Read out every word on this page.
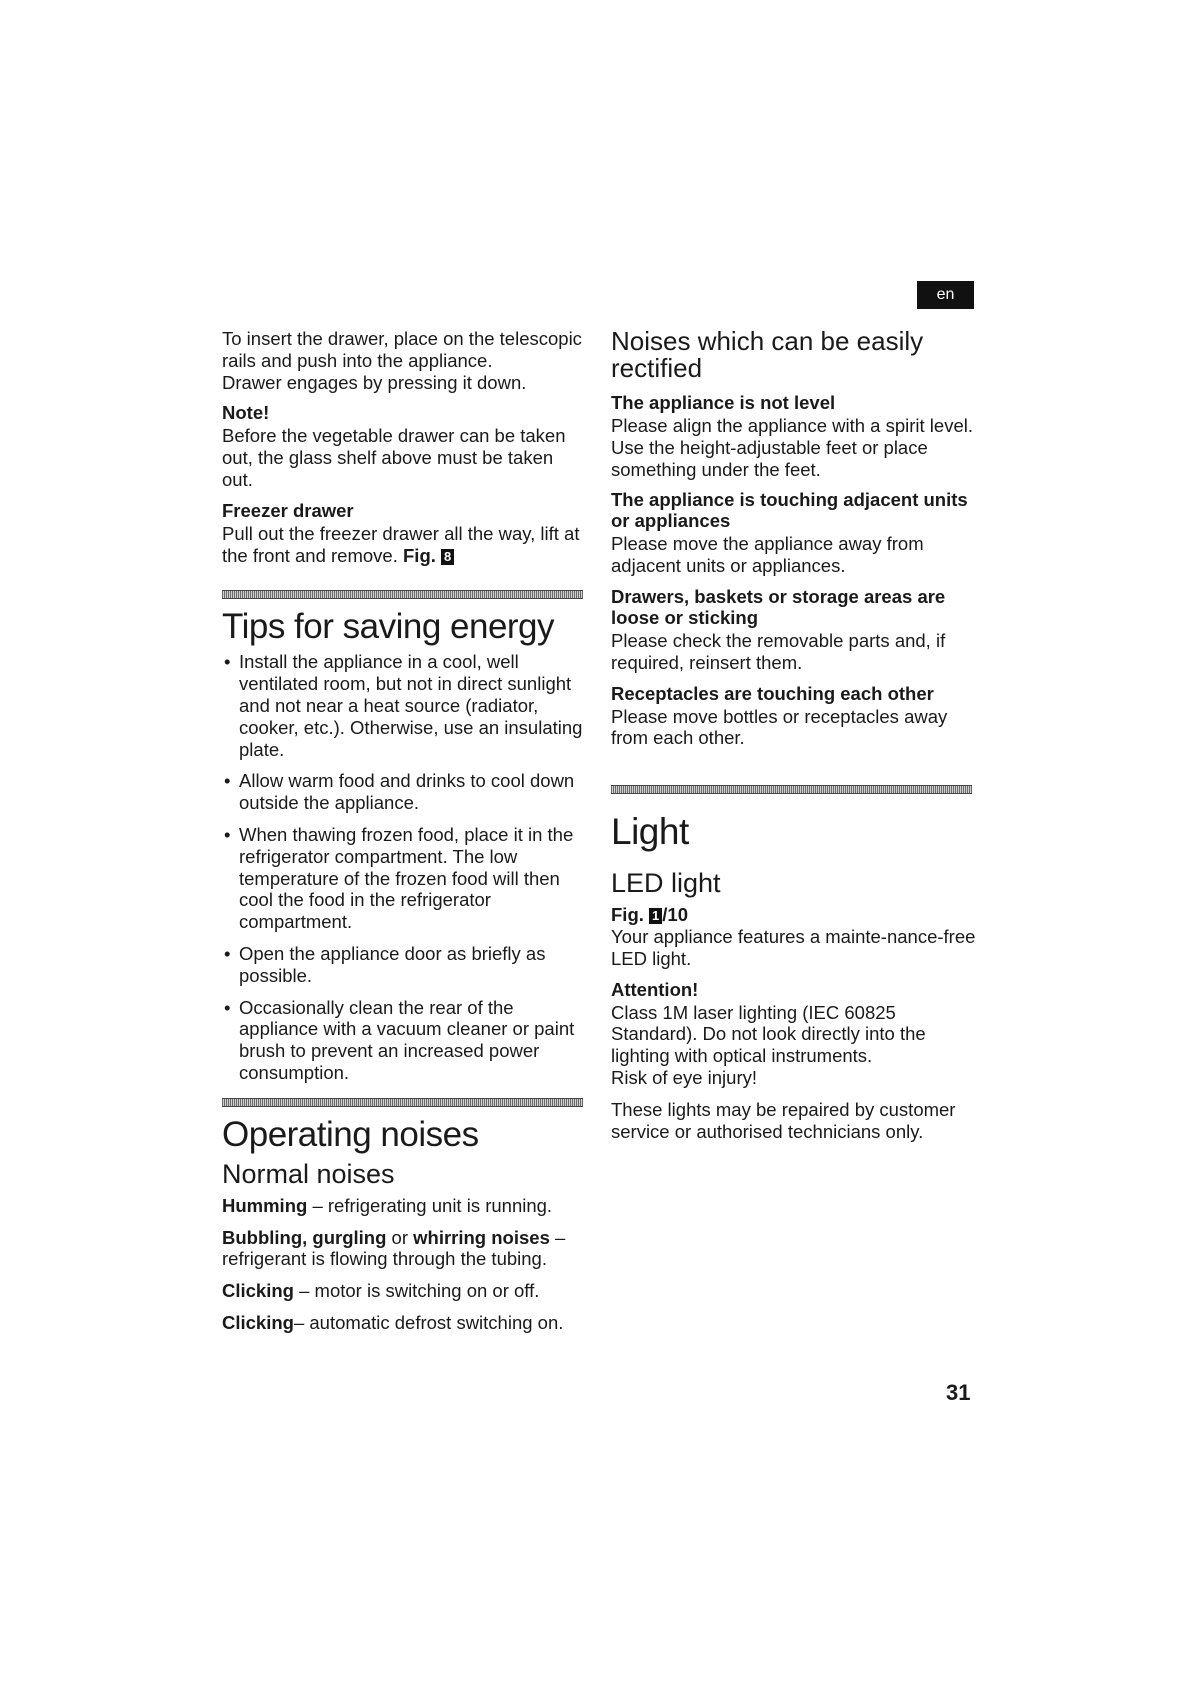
en

To insert the drawer, place on the telescopic rails and push into the appliance.

Drawer engages by pressing it down.

Note!

Before the vegetable drawer can be taken out, the glass shelf above must be taken out.

Freezer drawer

Pull out the freezer drawer all the way, lift at the front and remove. Fig. 8

Tips for saving energy
• Install the appliance in a cool, well ventilated room, but not in direct sunlight and not near a heat source (radiator, cooker, etc.). Otherwise, use an insulating plate.
• Allow warm food and drinks to cool down outside the appliance.
• When thawing frozen food, place it in the refrigerator compartment. The low temperature of the frozen food will then cool the food in the refrigerator compartment.
• Open the appliance door as briefly as possible.
• Occasionally clean the rear of the appliance with a vacuum cleaner or paint brush to prevent an increased power consumption.
Operating noises
Normal noises

Humming – refrigerating unit is running.

Bubbling, gurgling or whirring noises – refrigerant is flowing through the tubing.

Clicking – motor is switching on or off.

Clicking– automatic defrost switching on.

Noises which can be easily rectified
The appliance is not level

Please align the appliance with a spirit level. Use the height-adjustable feet or place something under the feet.

The appliance is touching adjacent units or appliances

Please move the appliance away from adjacent units or appliances.

Drawers, baskets or storage areas are loose or sticking

Please check the removable parts and, if required, reinsert them.

Receptacles are touching each other

Please move bottles or receptacles away from each other.

Light
LED light

Fig. 1 /10

Your appliance features a mainte-nance-free LED light.

Attention!

Class 1M laser lighting (IEC 60825 Standard). Do not look directly into the lighting with optical instruments.

Risk of eye injury!

These lights may be repaired by customer service or authorised technicians only.

31
